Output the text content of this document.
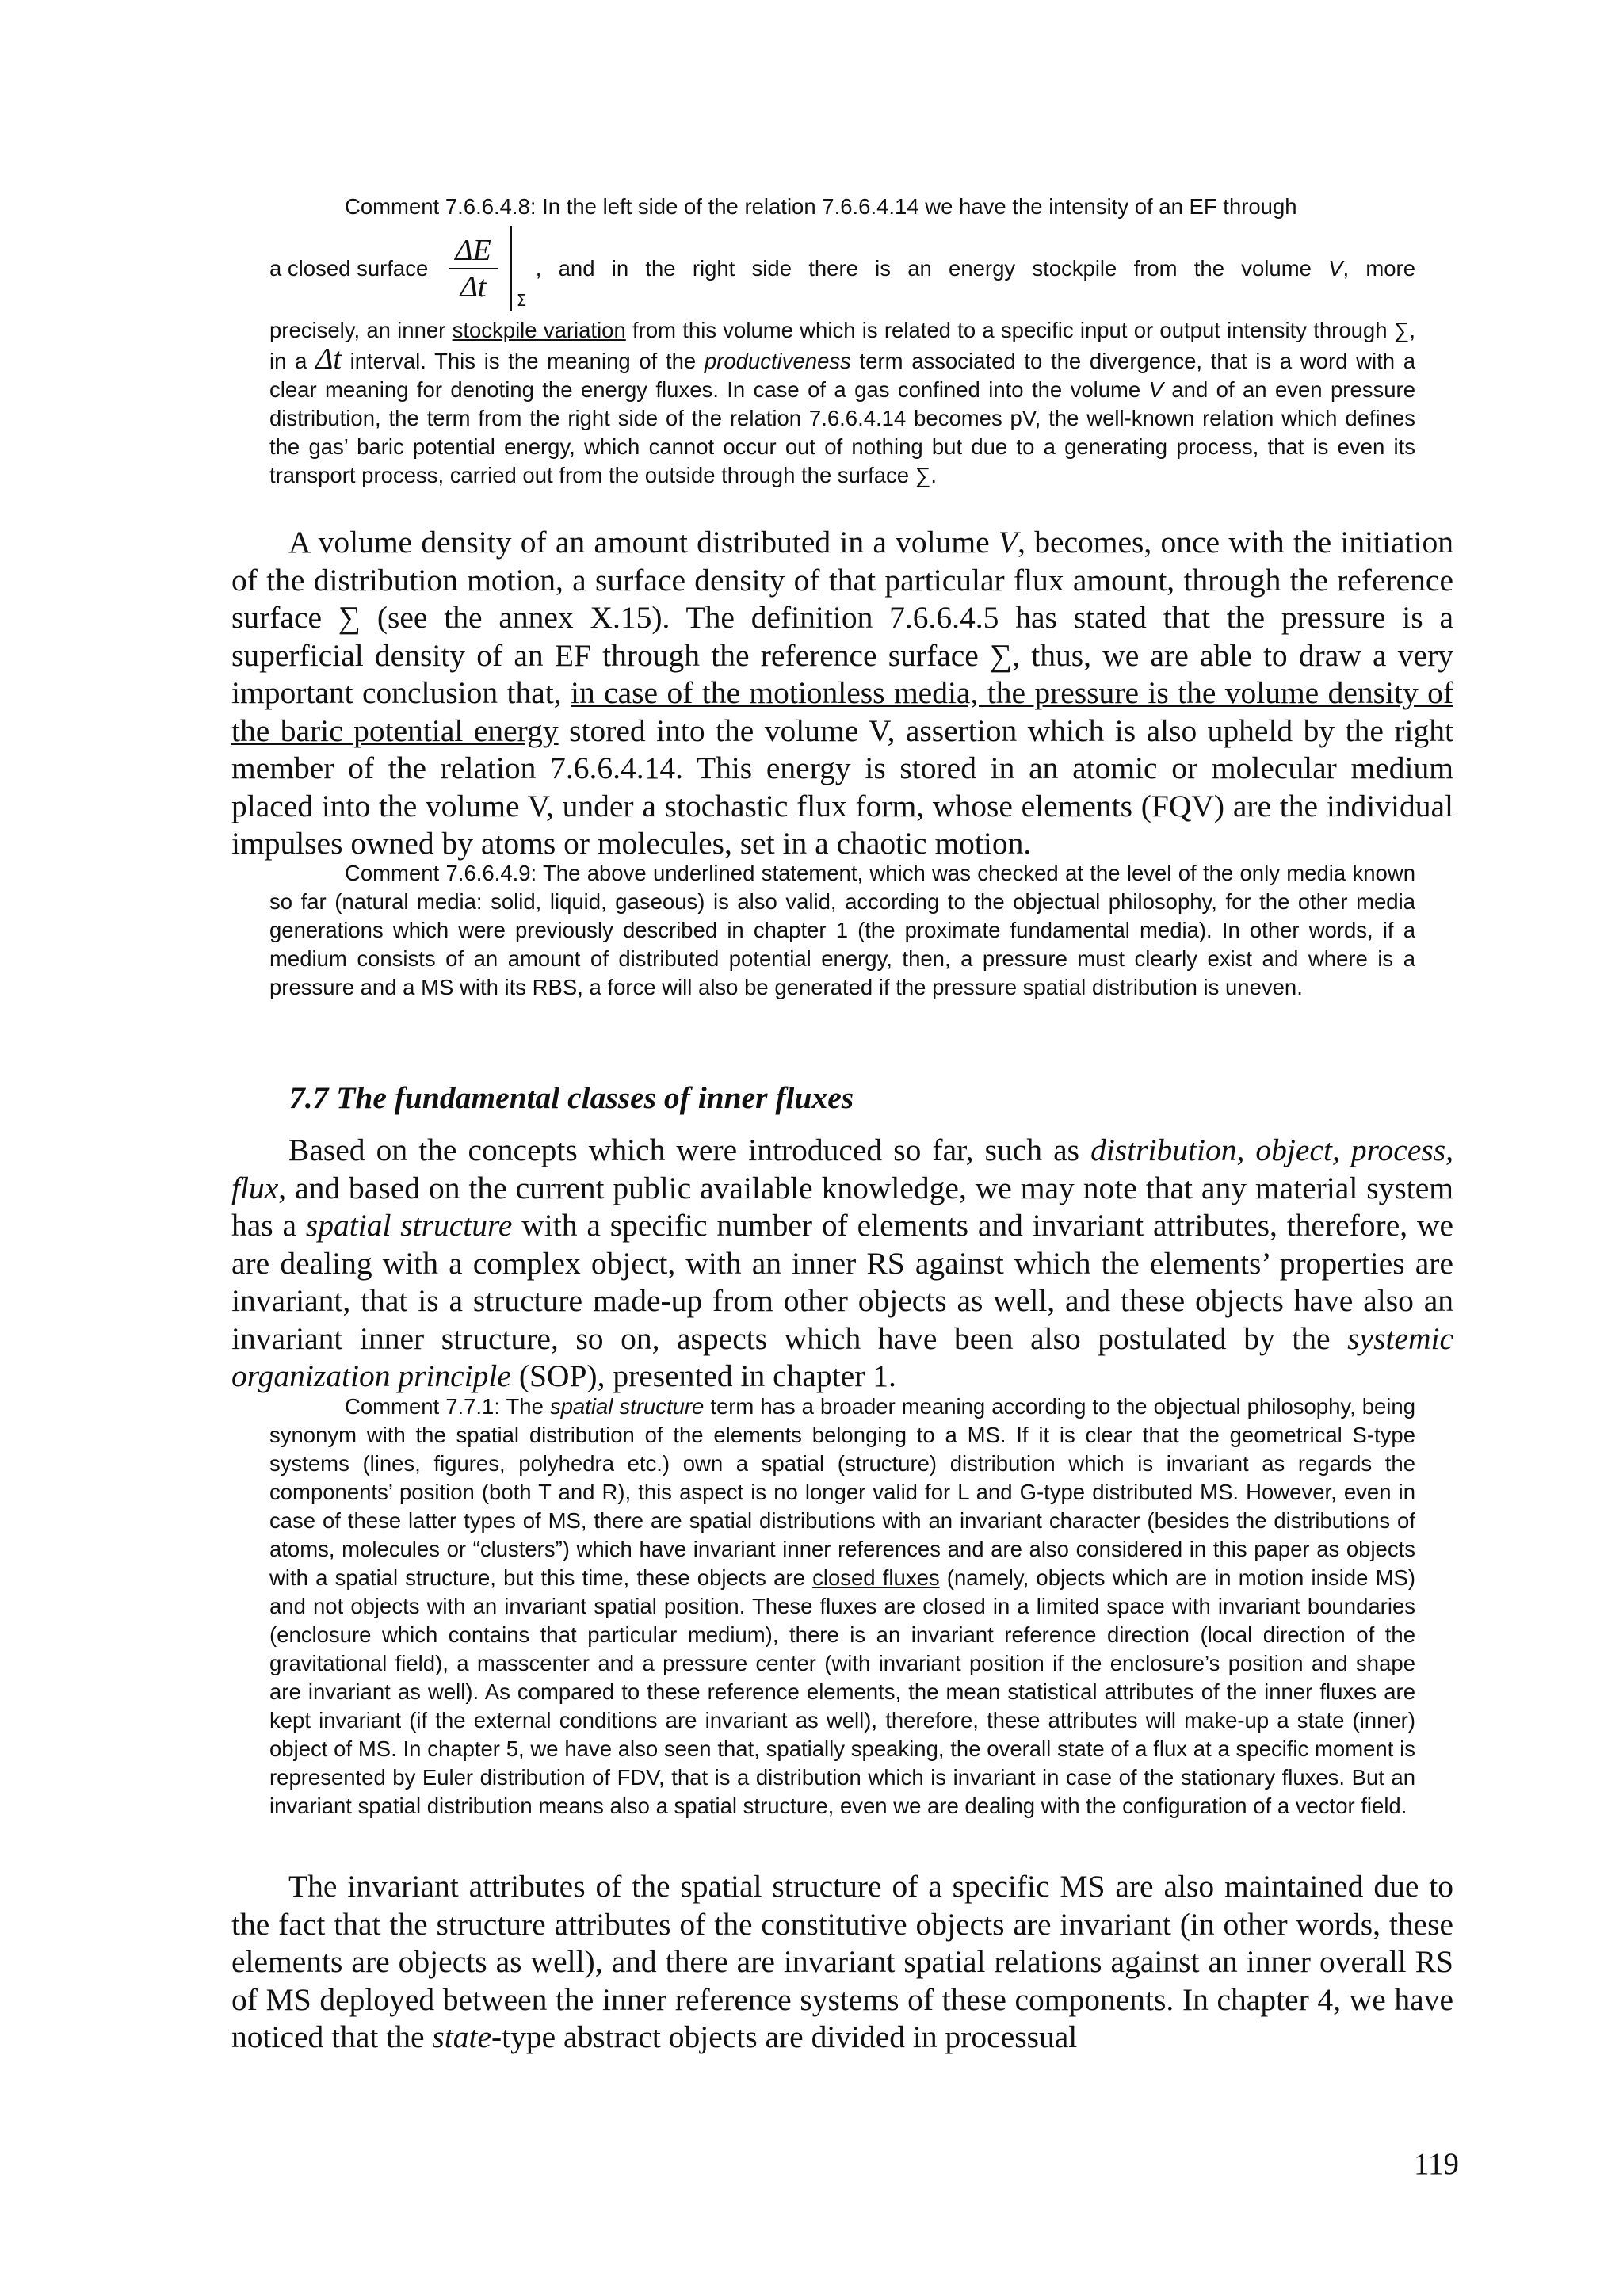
Comment 7.6.6.4.8: In the left side of the relation 7.6.6.4.14 we have the intensity of an EF through

a closed surface $\frac{\Delta E}{\Delta t}$ Σ
, and in the right side there is an energy stockpile from the volume V, more

precisely, an inner stockpile variation from this volume which is related to a specific input or output intensity through ∑, in a Δt interval. This is the meaning of the productiveness term associated to the divergence, that is a word with a clear meaning for denoting the energy fluxes. In case of a gas confined into the volume V and of an even pressure distribution, the term from the right side of the relation 7.6.6.4.14 becomes pV, the well-known relation which defines the gas’ baric potential energy, which cannot occur out of nothing but due to a generating process, that is even its transport process, carried out from the outside through the surface ∑.

A volume density of an amount distributed in a volume V, becomes, once with the initiation of the distribution motion, a surface density of that particular flux amount, through the reference surface ∑ (see the annex X.15). The definition 7.6.6.4.5 has stated that the pressure is a superficial density of an EF through the reference surface ∑, thus, we are able to draw a very important conclusion that, in case of the motionless media, the pressure is the volume density of the baric potential energy stored into the volume V, assertion which is also upheld by the right member of the relation 7.6.6.4.14. This energy is stored in an atomic or molecular medium placed into the volume V, under a stochastic flux form, whose elements (FQV) are the individual impulses owned by atoms or molecules, set in a chaotic motion.

Comment 7.6.6.4.9: The above underlined statement, which was checked at the level of the only media known so far (natural media: solid, liquid, gaseous) is also valid, according to the objectual philosophy, for the other media generations which were previously described in chapter 1 (the proximate fundamental media). In other words, if a medium consists of an amount of distributed potential energy, then, a pressure must clearly exist and where is a pressure and a MS with its RBS, a force will also be generated if the pressure spatial distribution is uneven.

7.7 The fundamental classes of inner fluxes

Based on the concepts which were introduced so far, such as distribution, object, process, flux, and based on the current public available knowledge, we may note that any material system has a spatial structure with a specific number of elements and invariant attributes, therefore, we are dealing with a complex object, with an inner RS against which the elements’ properties are invariant, that is a structure made-up from other objects as well, and these objects have also an invariant inner structure, so on, aspects which have been also postulated by the systemic organization principle (SOP), presented in chapter 1.

Comment 7.7.1: The spatial structure term has a broader meaning according to the objectual philosophy, being synonym with the spatial distribution of the elements belonging to a MS. If it is clear that the geometrical S-type systems (lines, figures, polyhedra etc.) own a spatial (structure) distribution which is invariant as regards the components’ position (both T and R), this aspect is no longer valid for L and G-type distributed MS. However, even in case of these latter types of MS, there are spatial distributions with an invariant character (besides the distributions of atoms, molecules or “clusters”) which have invariant inner references and are also considered in this paper as objects with a spatial structure, but this time, these objects are closed fluxes (namely, objects which are in motion inside MS) and not objects with an invariant spatial position. These fluxes are closed in a limited space with invariant boundaries (enclosure which contains that particular medium), there is an invariant reference direction (local direction of the gravitational field), a masscenter and a pressure center (with invariant position if the enclosure’s position and shape are invariant as well). As compared to these reference elements, the mean statistical attributes of the inner fluxes are kept invariant (if the external conditions are invariant as well), therefore, these attributes will make-up a state (inner) object of MS. In chapter 5, we have also seen that, spatially speaking, the overall state of a flux at a specific moment is represented by Euler distribution of FDV, that is a distribution which is invariant in case of the stationary fluxes. But an invariant spatial distribution means also a spatial structure, even we are dealing with the configuration of a vector field.

The invariant attributes of the spatial structure of a specific MS are also maintained due to the fact that the structure attributes of the constitutive objects are invariant (in other words, these elements are objects as well), and there are invariant spatial relations against an inner overall RS of MS deployed between the inner reference systems of these components. In chapter 4, we have noticed that the state-type abstract objects are divided in processual

119
